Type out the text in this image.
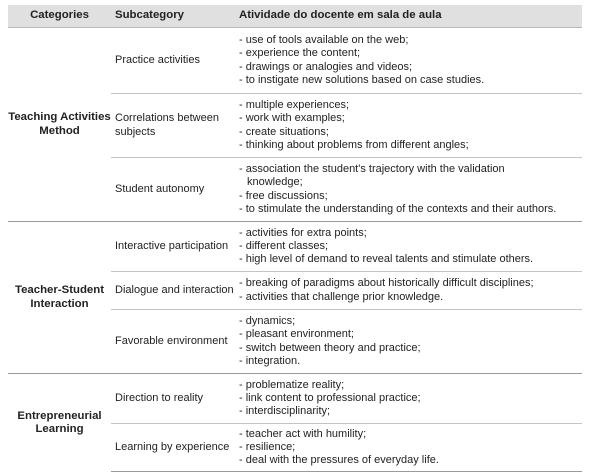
Categories	Subcategory	Atividade do docente em sala de aula
Teaching Activities Method	Practice activities	- use of tools available on the web;
- experience the content;
- drawings or analogies and videos;
- to instigate new solutions based on case studies.

	Correlations between subjects	- multiple experiences;
- work with examples;
- create situations;
- thinking about problems from different angles;

	Student autonomy	- association the student's trajectory with the validation
knowledge;
- free discussions;
- to stimulate the understanding of the contexts and their authors.

Teacher-Student Interaction	Interactive participation	- activities for extra points;
- different classes;
- high level of demand to reveal talents and stimulate others.

	Dialogue and interaction	- breaking of paradigms about historically difficult disciplines;
- activities that challenge prior knowledge.

	Favorable environment	- dynamics;
- pleasant environment;
- switch between theory and practice;
- integration.

Entrepreneurial Learning	Direction to reality	- problematize reality;
- link content to professional practice;
- interdisciplinarity;

	Learning by experience	- teacher act with humility;
- resilience;
- deal with the pressures of everyday life.
